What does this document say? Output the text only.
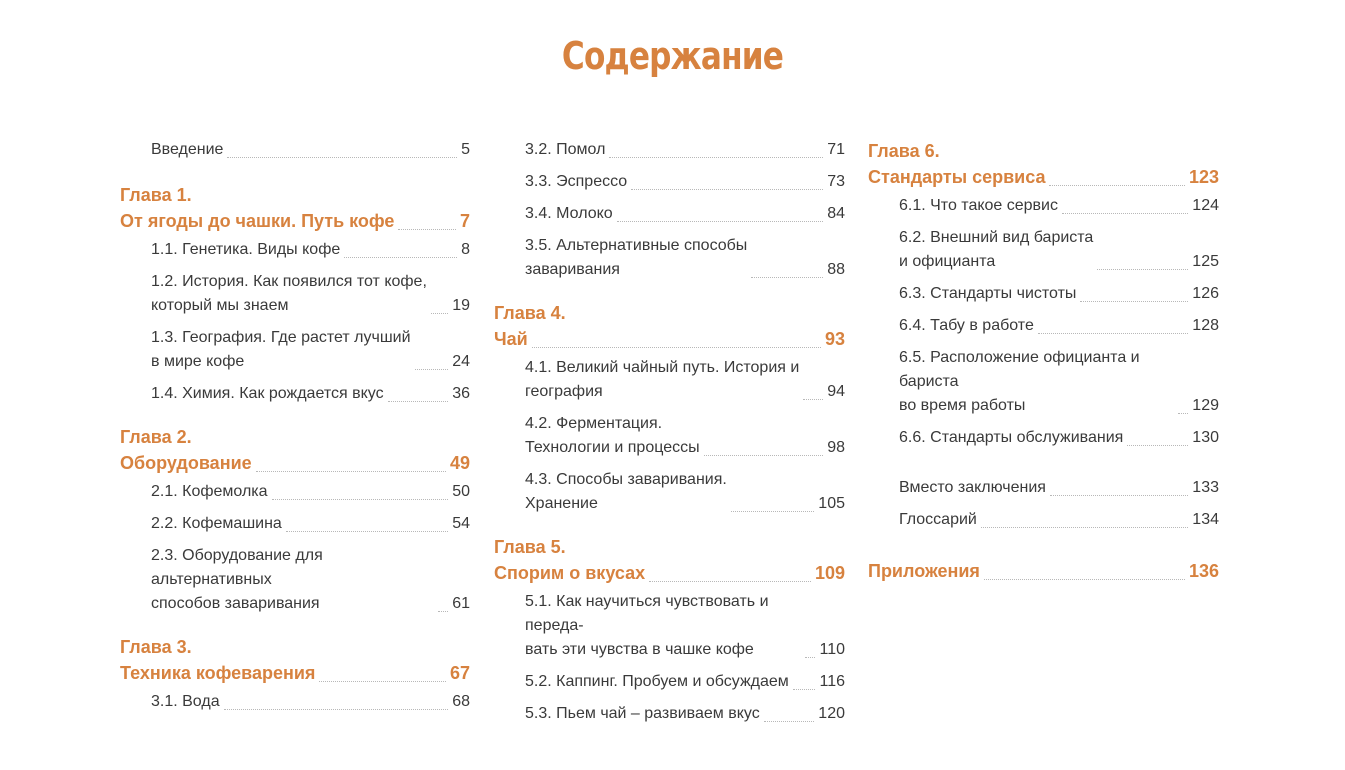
Содержание
Введение	5
Глава 1.
От ягоды до чашки. Путь кофе	7
1.1. Генетика. Виды кофе	8
1.2. История. Как появился тот кофе,
который мы знаем	19
1.3. География. Где растет лучший
в мире кофе	24
1.4. Химия. Как рождается вкус	36
Глава 2.
Оборудование	49
2.1. Кофемолка	50
2.2. Кофемашина	54
2.3. Оборудование для альтернативных
способов заваривания	61
Глава 3.
Техника кофеварения	67
3.1. Вода	68
3.2. Помол	71
3.3. Эспрессо	73
3.4. Молоко	84
3.5. Альтернативные способы
заваривания	88
Глава 4.
Чай	93
4.1. Великий чайный путь. История и
география	94
4.2. Ферментация.
Технологии и процессы	98
4.3. Способы заваривания.
Хранение	105
Глава 5.
Спорим о вкусах	109
5.1. Как научиться чувствовать и переда-
вать эти чувства в чашке кофе	110
5.2. Каппинг. Пробуем и обсуждаем 116
5.3. Пьем чай – развиваем вкус	120
Глава 6.
Стандарты сервиса	123
6.1. Что такое сервис	124
6.2. Внешний вид бариста
и официанта	125
6.3. Стандарты чистоты	126
6.4. Табу в работе	128
6.5. Расположение официанта и бариста
во время работы	129
6.6. Стандарты обслуживания	130
Вместо заключения	133
Глоссарий	134
Приложения	136
